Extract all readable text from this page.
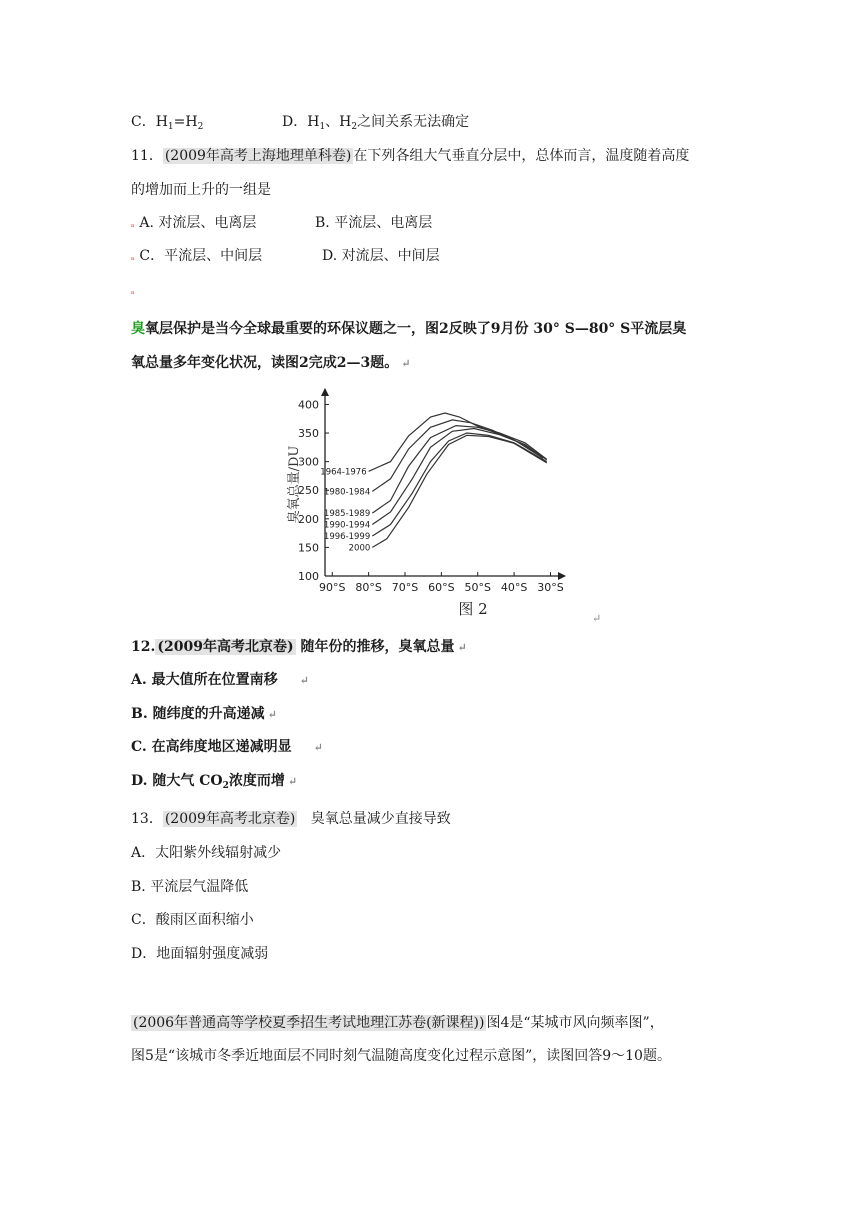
C．$H_1=H_2$	D．$H_1$、$H_2$之间关系无法确定
11． (2009年高考上海地理单科卷) 在下列各组大气垂直分层中，总体而言，温度随着高度
的增加而上升的一组是
ₙ A. 对流层、电离层	B. 平流层、电离层
ₙ C．平流层、中间层	D. 对流层、中间层
ₙ
臭氧层保护是当今全球最重要的环保议题之一，图2反映了9月份 30° S—80° S平流层臭
氧总量多年变化状况，读图2完成2—3题。 ↵
100
150
200
250
300
350
400
90°S 80°S 70°S 60°S 50°S 40°S 30°S
臭氧总量/DU
图 2
1964-1976
1980-1984
1985-1989
1990-1994
1996-1999
2000
↵
12. (2009年高考北京卷) 随年份的推移，臭氧总量 ↵
A. 最大值所在位置南移 ↵
B. 随纬度的升高递减 ↵
C. 在高纬度地区递减明显 ↵
D. 随大气 $CO_2$浓度而增 ↵
13． (2009年高考北京卷) 臭氧总量减少直接导致
A．太阳紫外线辐射减少
B. 平流层气温降低
C．酸雨区面积缩小
D．地面辐射强度减弱
(2006年普通高等学校夏季招生考试地理江苏卷(新课程)) 图4是“某城市风向频率图”，
图5是“该城市冬季近地面层不同时刻气温随高度变化过程示意图”，读图回答9～10题。
